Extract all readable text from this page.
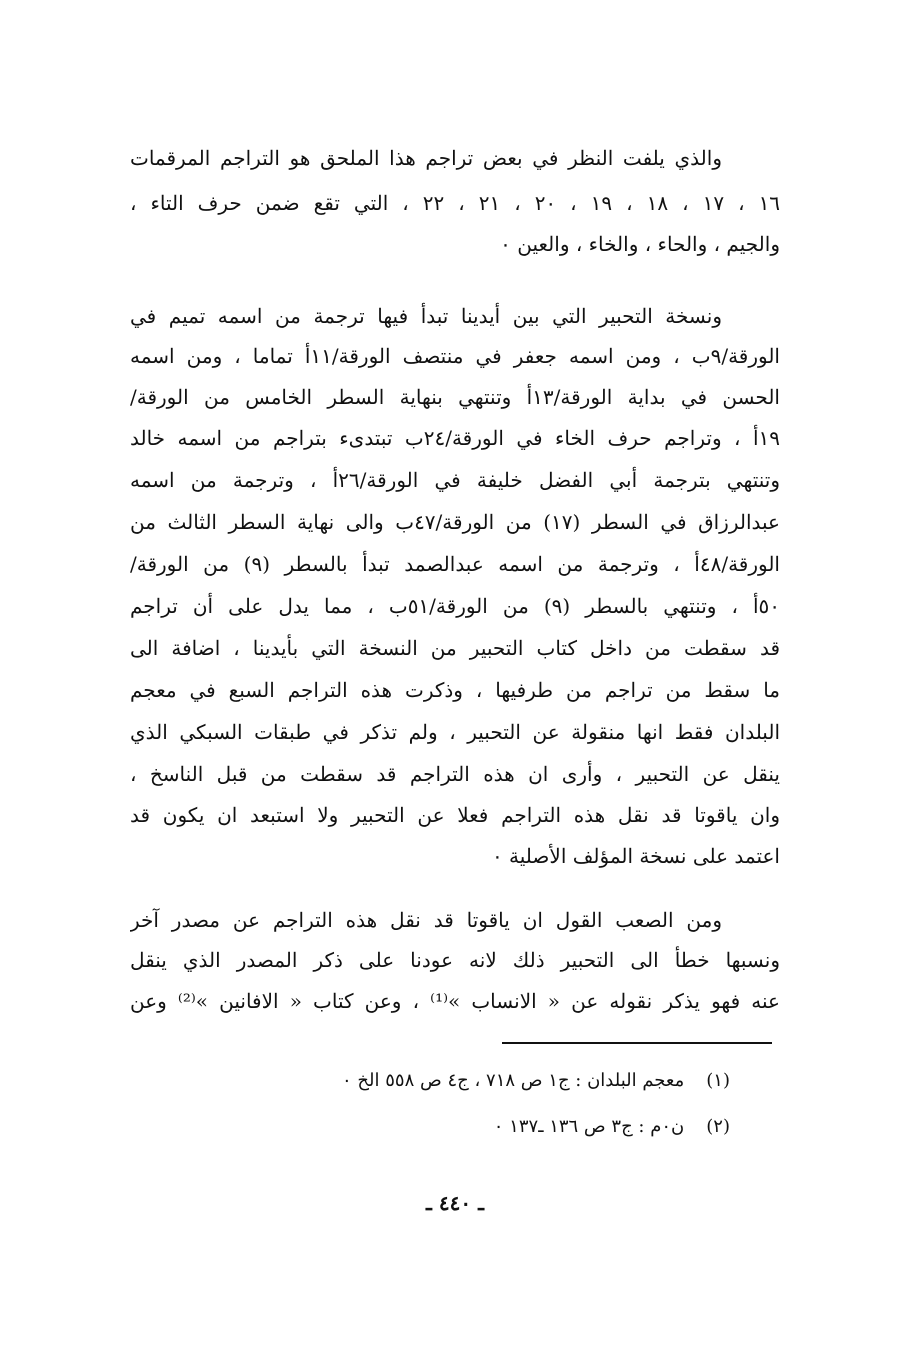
والذي يلفت النظر في بعض تراجم هذا الملحق هو التراجم المرقمات
١٦ ، ١٧ ، ١٨ ، ١٩ ، ٢٠ ، ٢١ ، ٢٢ ، التي تقع ضمن حرف التاء ،
والجيم ، والحاء ، والخاء ، والعين ٠
ونسخة التحبير التي بين أيدينا تبدأ فيها ترجمة من اسمه تميم في
الورقة/٩ب ، ومن اسمه جعفر في منتصف الورقة/١١أ تماما ، ومن اسمه
الحسن في بداية الورقة/١٣أ وتنتهي بنهاية السطر الخامس من الورقة/
١٩أ ، وتراجم حرف الخاء في الورقة/٢٤ب تبتدىء بتراجم من اسمه خالد
وتنتهي بترجمة أبي الفضل خليفة في الورقة/٢٦أ ، وترجمة من اسمه
عبدالرزاق في السطر (١٧) من الورقة/٤٧ب والى نهاية السطر الثالث من
الورقة/٤٨أ ، وترجمة من اسمه عبدالصمد تبدأ بالسطر (٩) من الورقة/
٥٠أ ، وتنتهي بالسطر (٩) من الورقة/٥١ب ، مما يدل على أن تراجم
قد سقطت من داخل كتاب التحبير من النسخة التي بأيدينا ، اضافة الى
ما سقط من تراجم من طرفيها ، وذكرت هذه التراجم السبع في معجم
البلدان فقط انها منقولة عن التحبير ، ولم تذكر في طبقات السبكي الذي
ينقل عن التحبير ، وأرى ان هذه التراجم قد سقطت من قبل الناسخ ،
وان ياقوتا قد نقل هذه التراجم فعلا عن التحبير ولا استبعد ان يكون قد
اعتمد على نسخة المؤلف الأصلية ٠
ومن الصعب القول ان ياقوتا قد نقل هذه التراجم عن مصدر آخر
ونسبها خطأ الى التحبير ذلك لانه عودنا على ذكر المصدر الذي ينقل
عنه فهو يذكر نقوله عن « الانساب »⁽¹⁾ ، وعن كتاب « الافانين »⁽²⁾ وعن
(١)معجم البلدان : ج١ ص ٧١٨ ، ج٤ ص ٥٥٨ الخ ٠
(٢)ن٠م : ج٣ ص ١٣٦ ـ١٣٧ ٠
ـ ٤٤٠ ـ
